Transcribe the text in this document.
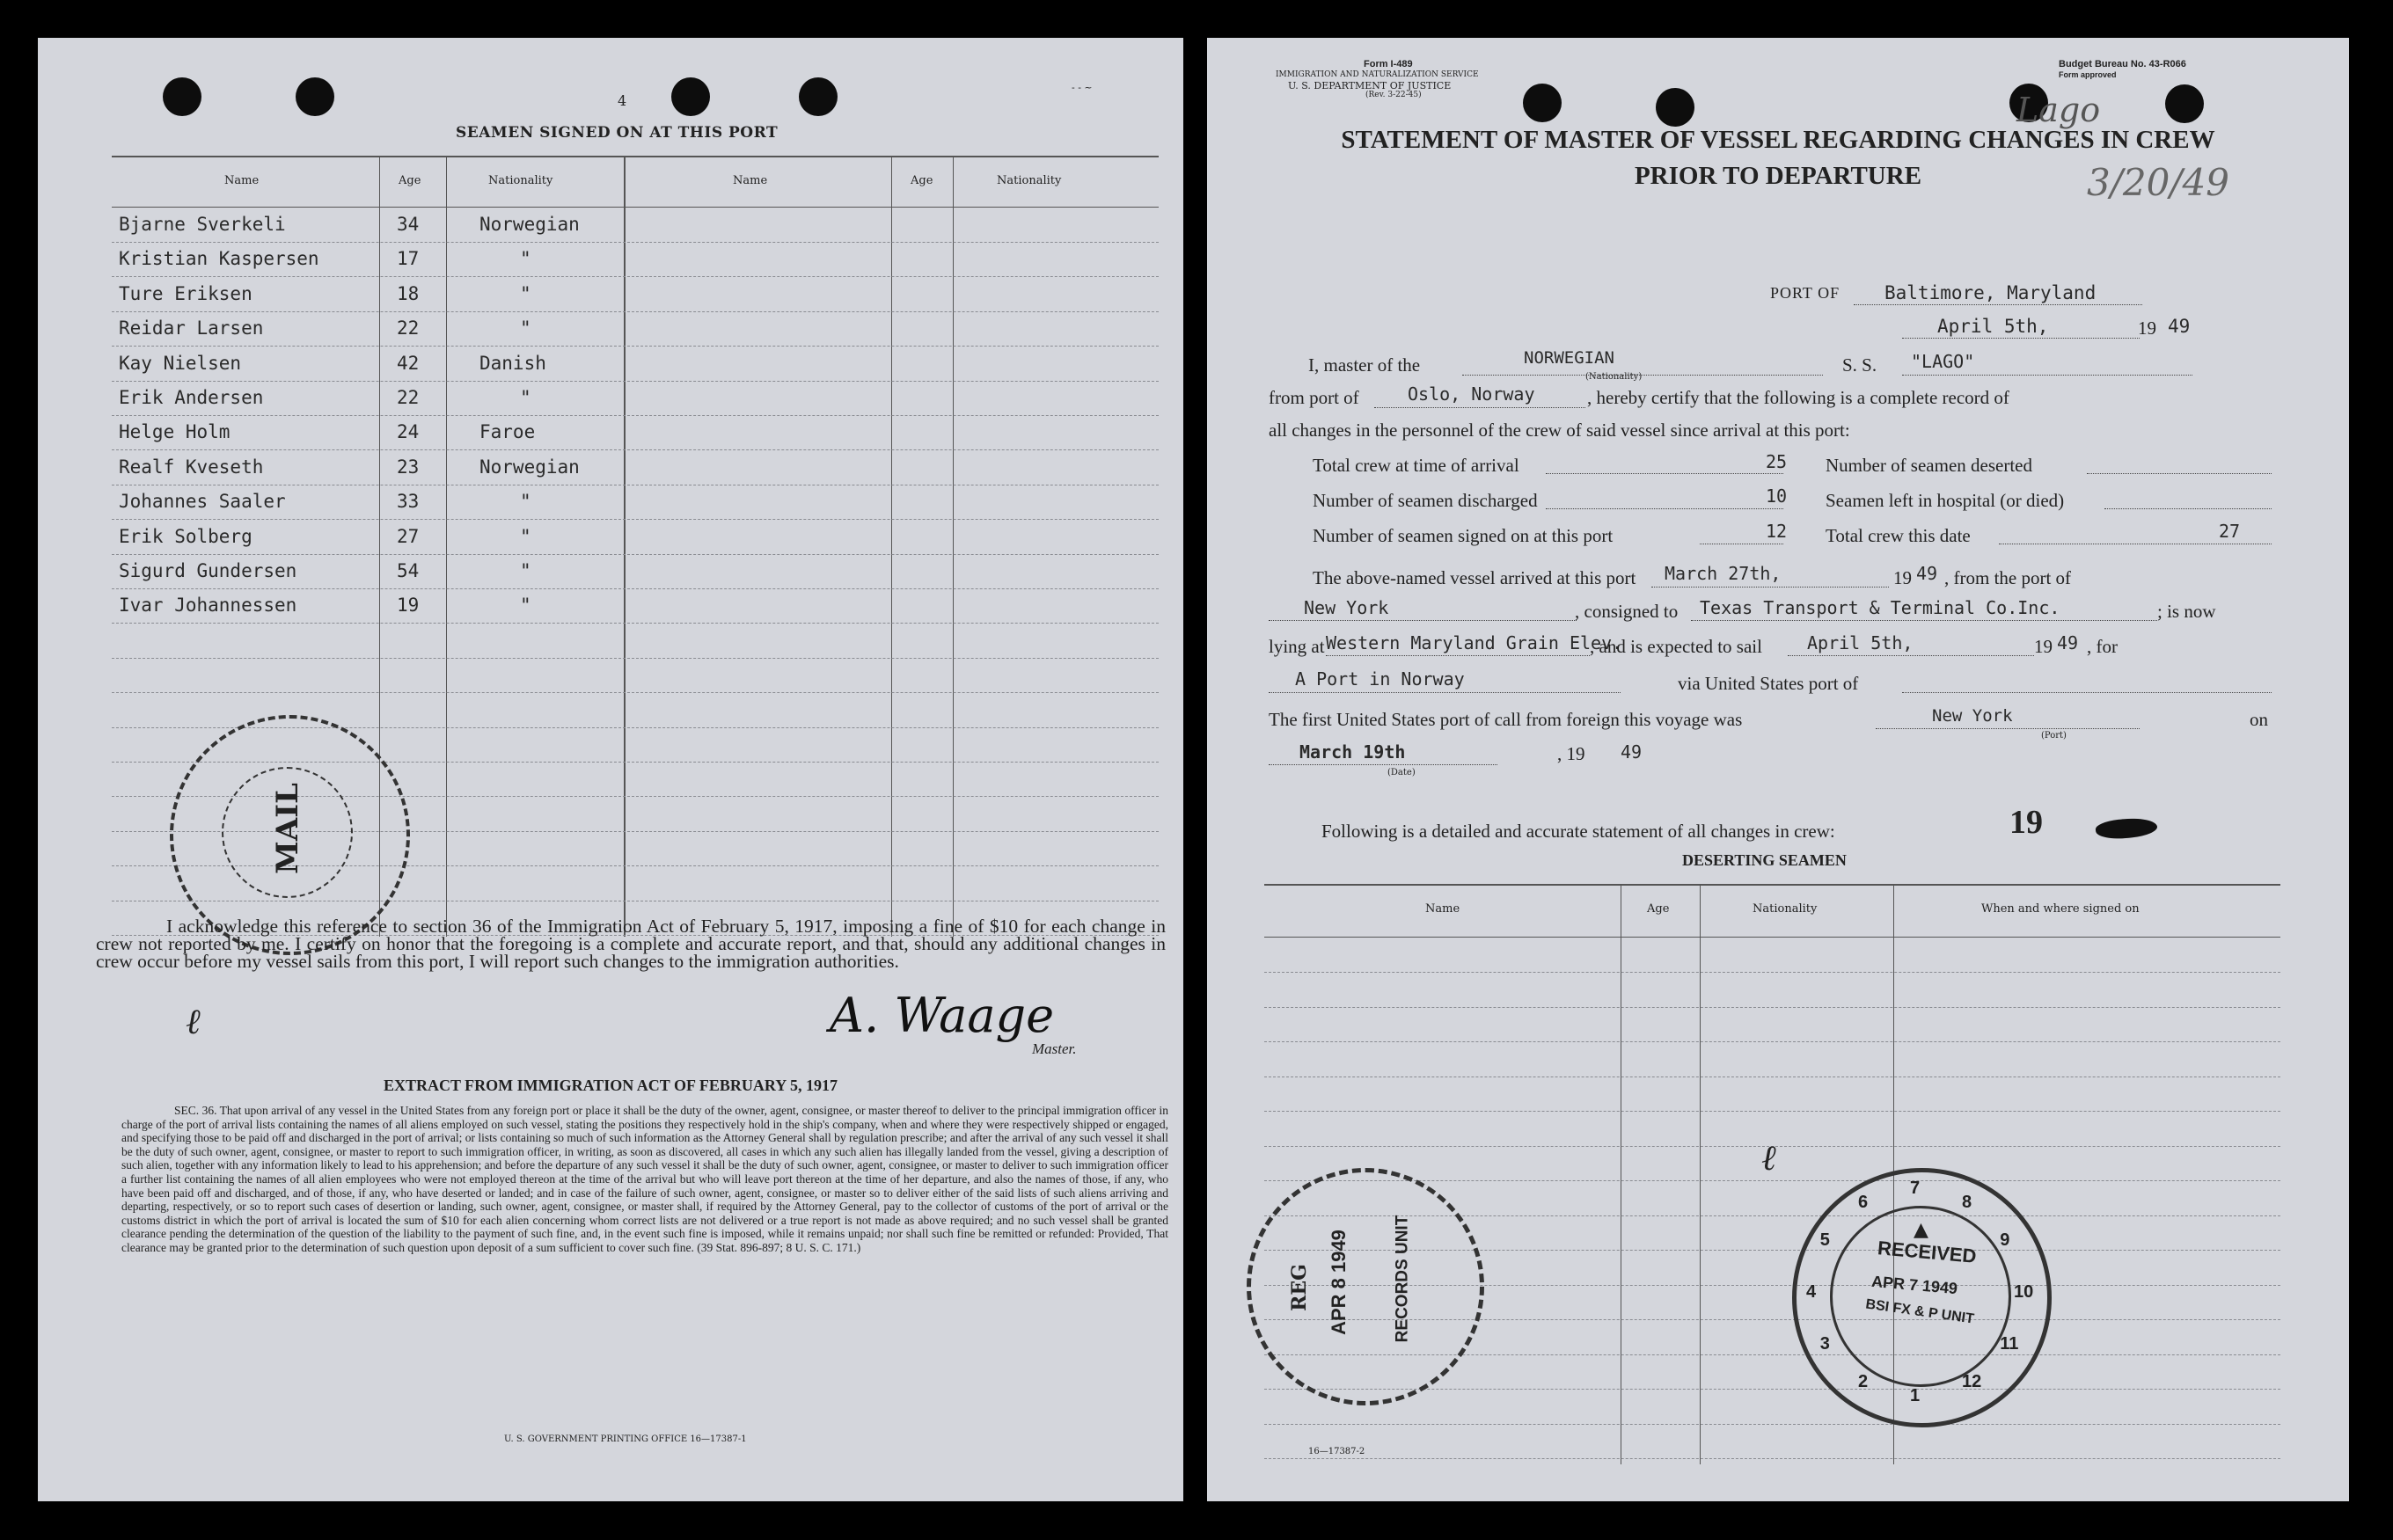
- - ~
4
SEAMEN SIGNED ON AT THIS PORT
Name	Age	Nationality	Name	Age	Nationality
Bjarne Sverkeli	34	Norwegian
Kristian Kaspersen	17	"
Ture Eriksen	18	"
Reidar Larsen	22	"
Kay Nielsen	42	Danish
Erik Andersen	22	"
Helge Holm	24	Faroe
Realf Kveseth	23	Norwegian
Johannes Saaler	33	"
Erik Solberg	27	"
Sigurd Gundersen	54	"
Ivar Johannessen	19	"
MAIL
I acknowledge this reference to section 36 of the Immigration Act of February 5, 1917, imposing a fine of $10 for each change in crew not reported by me. I certify on honor that the foregoing is a complete and accurate report, and that, should any additional changes in crew occur before my vessel sails from this port, I will report such changes to the immigration authorities.
ℓ	A. Waage
Master.
EXTRACT FROM IMMIGRATION ACT OF FEBRUARY 5, 1917
SEC. 36. That upon arrival of any vessel in the United States from any foreign port or place it shall be the duty of the owner, agent, consignee, or master thereof to deliver to the principal immigration officer in charge of the port of arrival lists containing the names of all aliens employed on such vessel, stating the positions they respectively hold in the ship's company, when and where they were respectively shipped or engaged, and specifying those to be paid off and discharged in the port of arrival; or lists containing so much of such information as the Attorney General shall by regulation prescribe; and after the arrival of any such vessel it shall be the duty of such owner, agent, consignee, or master to report to such immigration officer, in writing, as soon as discovered, all cases in which any such alien has illegally landed from the vessel, giving a description of such alien, together with any information likely to lead to his apprehension; and before the departure of any such vessel it shall be the duty of such owner, agent, consignee, or master to deliver to such immigration officer a further list containing the names of all alien employees who were not employed thereon at the time of the arrival but who will leave port thereon at the time of her departure, and also the names of those, if any, who have been paid off and discharged, and of those, if any, who have deserted or landed; and in case of the failure of such owner, agent, consignee, or master so to deliver either of the said lists of such aliens arriving and departing, respectively, or so to report such cases of desertion or landing, such owner, agent, consignee, or master shall, if required by the Attorney General, pay to the collector of customs of the port of arrival or the customs district in which the port of arrival is located the sum of $10 for each alien concerning whom correct lists are not delivered or a true report is not made as above required; and no such vessel shall be granted clearance pending the determination of the question of the liability to the payment of such fine, and, in the event such fine is imposed, while it remains unpaid; nor shall such fine be remitted or refunded: Provided, That clearance may be granted prior to the determination of such question upon deposit of a sum sufficient to cover such fine. (39 Stat. 896-897; 8 U. S. C. 171.)
U. S. GOVERNMENT PRINTING OFFICE 16—17387-1
Form I-489
IMMIGRATION AND NATURALIZATION SERVICE
U. S. DEPARTMENT OF JUSTICE
(Rev. 3-22-45)
Budget Bureau No. 43-R066
Form approved
Lago
3/20/49
STATEMENT OF MASTER OF VESSEL REGARDING CHANGES IN CREW
PRIOR TO DEPARTURE
PORT OF Baltimore, Maryland
April 5th,	19 49
I, master of the	NORWEGIAN
(Nationality)
S. S. "LAGO"
from port of	Oslo, Norway	, hereby certify that the following is a complete record of
all changes in the personnel of the crew of said vessel since arrival at this port:
Total crew at time of arrival	25
Number of seamen discharged	10
Number of seamen signed on at this port	12
Number of seamen deserted
Seamen left in hospital (or died)
Total crew this date	27
The above-named vessel arrived at this port March 27th,	19 49 , from the port of
New York	, consigned to Texas Transport & Terminal Co.Inc.	; is now
lying at Western Maryland Grain Elev.
, and is expected to sail	April 5th,	19 49 , for
A Port in Norway	via United States port of
The first United States port of call from foreign this voyage was	New York
(Port)
on
March 19th
(Date)
, 19 49
Following is a detailed and accurate statement of all changes in crew:	19
DESERTING SEAMEN
Name	Age	Nationality	When and where signed on
ℓ
REG APR 8 1949	RECORDS UNIT	▲
RECEIVED
APR 7 1949
BSI FX & P UNIT
8
9
10
11
12
1
2
3
4
5
6
7
16—17387-2
